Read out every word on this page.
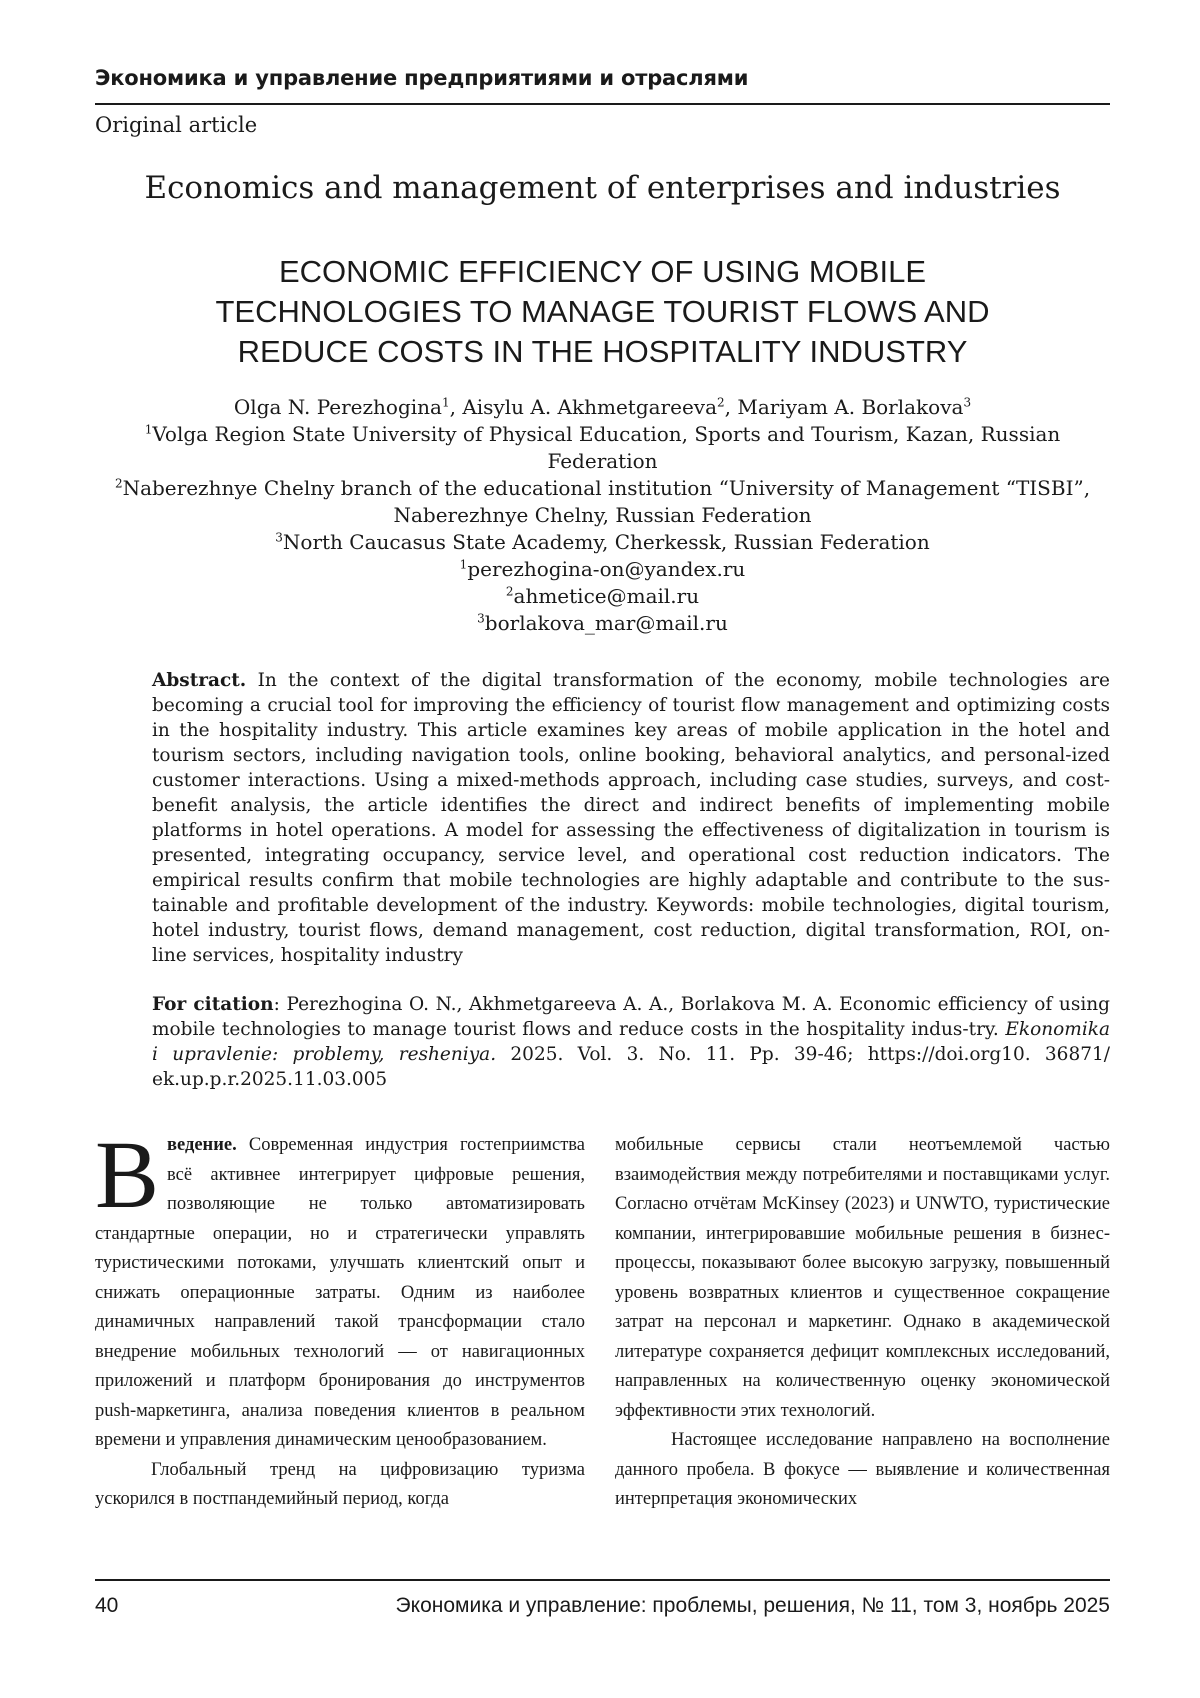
Экономика и управление предприятиями и отраслями
Original article
Economics and management of enterprises and industries
ECONOMIC EFFICIENCY OF USING MOBILE
TECHNOLOGIES TO MANAGE TOURIST FLOWS AND
REDUCE COSTS IN THE HOSPITALITY INDUSTRY
Olga N. Perezhogina$^1$, Aisylu A. Akhmetgareeva$^2$, Mariyam A. Borlakova$^3$
$^1$Volga Region State University of Physical Education, Sports and Tourism, Kazan, Russian Federation
$^2$Naberezhnye Chelny branch of the educational institution “University of Management “TISBI”, Naberezhnye Chelny, Russian Federation
$^3$North Caucasus State Academy, Cherkessk, Russian Federation
$^1$perezhogina-on@yandex.ru
$^2$ahmetice@mail.ru
$^3$borlakova_mar@mail.ru
Abstract. In the context of the digital transformation of the economy, mobile technologies are becoming a crucial tool for improving the efficiency of tourist flow management and optimizing costs in the hospitality industry. This article examines key areas of mobile application in the hotel and tourism sectors, including navigation tools, online booking, behavioral analytics, and personal-ized customer interactions. Using a mixed-methods approach, including case studies, surveys, and cost-benefit analysis, the article identifies the direct and indirect benefits of implementing mobile platforms in hotel operations. A model for assessing the effectiveness of digitalization in tourism is presented, integrating occupancy, service level, and operational cost reduction indicators. The empirical results confirm that mobile technologies are highly adaptable and contribute to the sus-tainable and profitable development of the industry. Keywords: mobile technologies, digital tourism, hotel industry, tourist flows, demand management, cost reduction, digital transformation, ROI, on-line services, hospitality industry
For citation: Perezhogina O. N., Akhmetgareeva A. A., Borlakova M. A. Economic efficiency of using mobile technologies to manage tourist flows and reduce costs in the hospitality indus-try. Ekonomika i upravlenie: problemy, resheniya. 2025. Vol. 3. No. 11. Pp. 39-46; https://doi.org10. 36871/ ek.up.p.r.2025.11.03.005

Введение. Современная индустрия гостеприимства всё активнее интегрирует цифровые решения, позволяющие не только автоматизировать стандартные операции, но и стратегически управлять туристическими потоками, улучшать клиентский опыт и снижать операционные затраты. Одним из наиболее динамичных направлений такой трансформации стало внедрение мобильных технологий — от навигационных приложений и платформ бронирования до инструментов push-маркетинга, анализа поведения клиентов в реальном времени и управления динамическим ценообразованием.

Глобальный тренд на цифровизацию туризма ускорился в постпандемийный период, когда

мобильные сервисы стали неотъемлемой частью взаимодействия между потребителями и поставщиками услуг. Согласно отчётам McKinsey (2023) и UNWTO, туристические компании, интегрировавшие мобильные решения в бизнес-процессы, показывают более высокую загрузку, повышенный уровень возвратных клиентов и существенное сокращение затрат на персонал и маркетинг. Однако в академической литературе сохраняется дефицит комплексных исследований, направленных на количественную оценку экономической эффективности этих технологий.

Настоящее исследование направлено на восполнение данного пробела. В фокусе — выявление и количественная интерпретация экономических

40	Экономика и управление: проблемы, решения, № 11, том 3, ноябрь 2025
